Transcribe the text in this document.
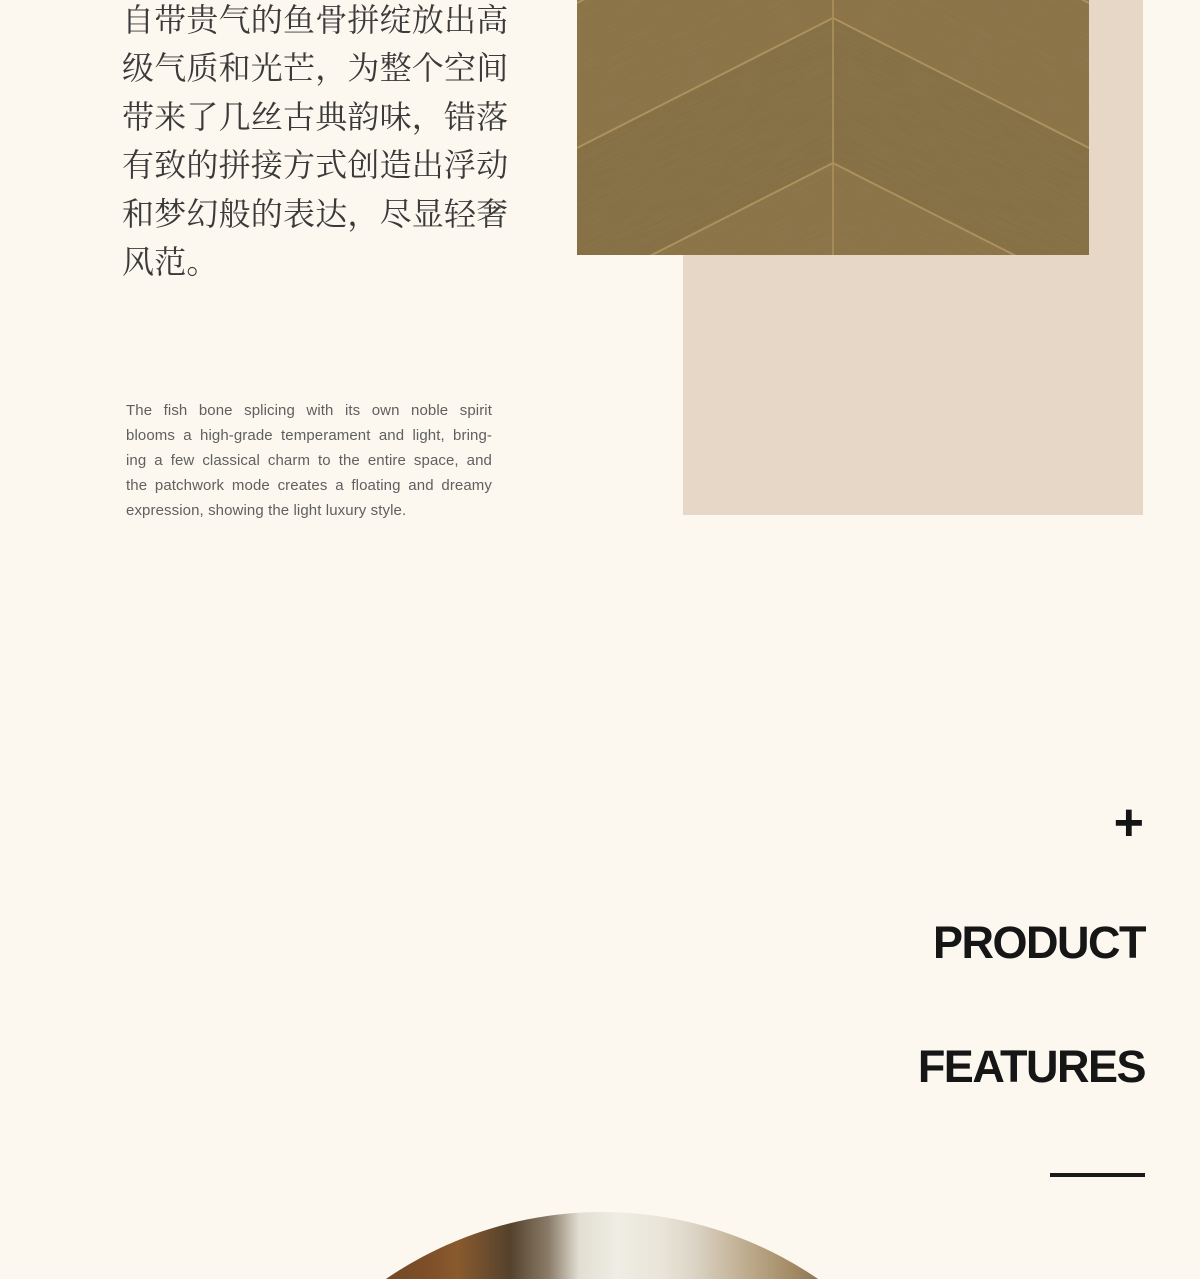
自带贵气的鱼骨拼绽放出高
级气质和光芒，为整个空间
带来了几丝古典韵味，错落
有致的拼接方式创造出浮动
和梦幻般的表达，尽显轻奢
风范。
The fish bone splicing with its own noble spirit
blooms a high-grade temperament and light, bring-
ing a few classical charm to the entire space, and
the patchwork mode creates a floating and dreamy
expression, showing the light luxury style.
+
PRODUCT
FEATURES
